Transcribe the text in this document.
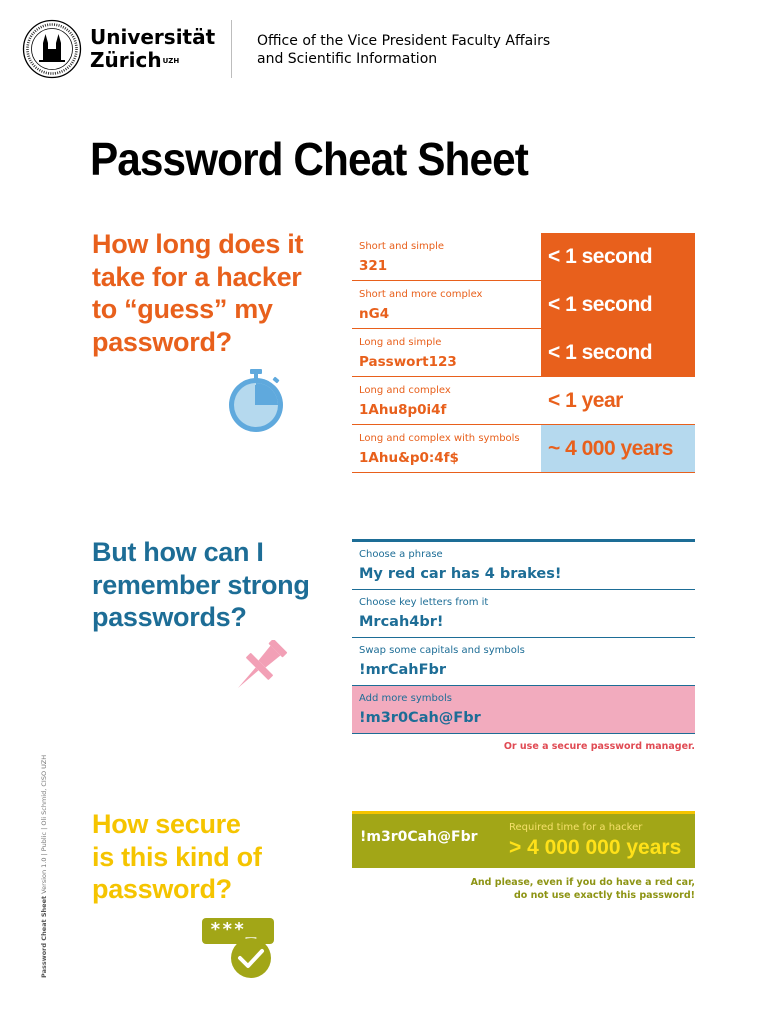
Universität
Zürich$^{UZH}$
Office of the Vice President Faculty Affairs
and Scientific Information
Password Cheat Sheet
How long does it
take for a hacker
to “guess” my
password?
Short and simple
321	< 1 second
Short and more complex
nG4	< 1 second
Long and simple
Passwort123	< 1 second
Long and complex
1Ahu8p0i4f	< 1 year
Long and complex with symbols
1Ahu&p0:4f$	~ 4 000 years
But how can I
remember strong
passwords?
Choose a phrase
My red car has 4 brakes!
Choose key letters from it
Mrcah4br!
Swap some capitals and symbols
!mrCahFbr
Add more symbols
!m3r0Cah@Fbr
Or use a secure password manager.
How secure
is this kind of
password?
***_
!m3r0Cah@Fbr
Required time for a hacker
> 4 000 000 years
And please, even if you do have a red car,
do not use exactly this password!
Password Cheat Sheet Version 1.0 | Public | Oli Schmid, CISO UZH
